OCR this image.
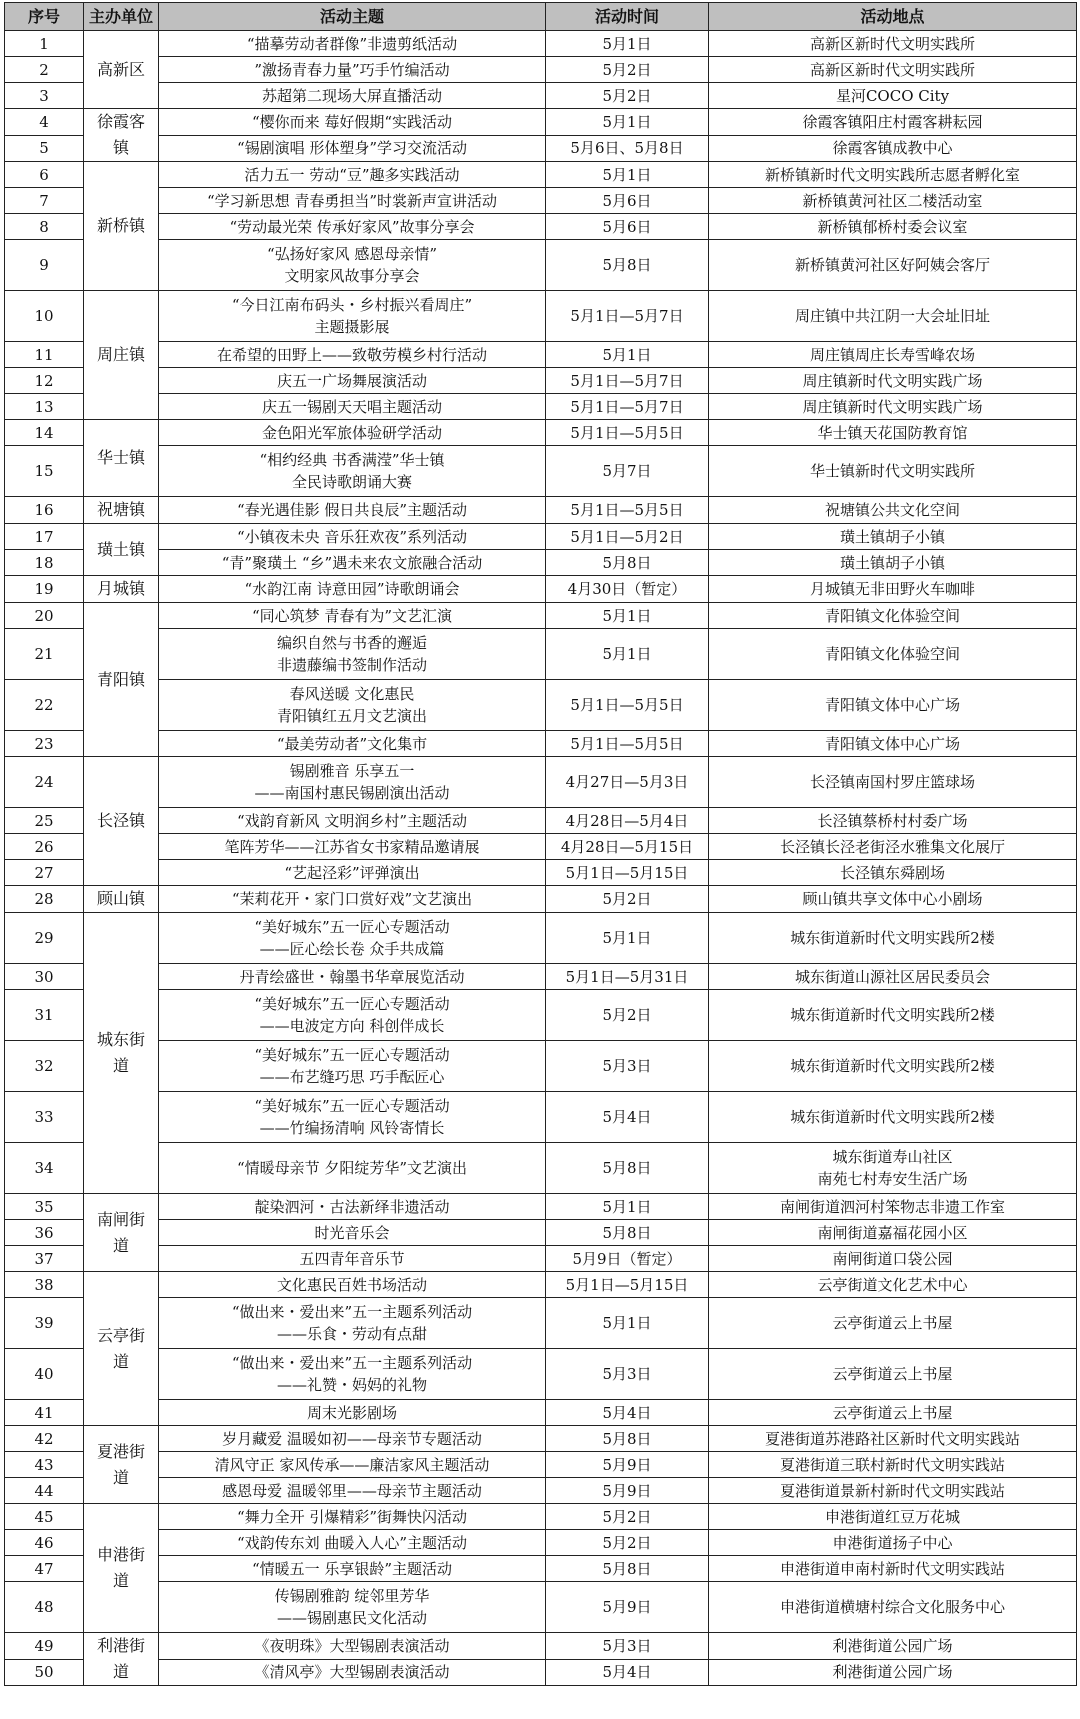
序号	主办单位	活动主题	活动时间	活动地点
1	高新区	“描摹劳动者群像”非遗剪纸活动	5月1日	高新区新时代文明实践所

2		”激扬青春力量”巧手竹编活动	5月2日	高新区新时代文明实践所

3		苏超第二现场大屏直播活动	5月2日	星河COCO City

4	徐霞客镇	“樱你而来 莓好假期“实践活动	5月1日	徐霞客镇阳庄村霞客耕耘园

5		“锡剧演唱 形体塑身”学习交流活动	5月6日、5月8日	徐霞客镇成教中心

6	新桥镇	活力五一 劳动“豆”趣多实践活动	5月1日	新桥镇新时代文明实践所志愿者孵化室

7		“学习新思想 青春勇担当”时裳新声宣讲活动	5月6日	新桥镇黄河社区二楼活动室

8		“劳动最光荣 传承好家风”故事分享会	5月6日	新桥镇郁桥村委会议室

9		“弘扬好家风 感恩母亲情”
文明家风故事分享会	5月8日	新桥镇黄河社区好阿姨会客厅

10	周庄镇	“今日江南布码头・乡村振兴看周庄”
主题摄影展	5月1日—5月7日	周庄镇中共江阴一大会址旧址

11		在希望的田野上——致敬劳模乡村行活动	5月1日	周庄镇周庄长寿雪峰农场

12		庆五一广场舞展演活动	5月1日—5月7日	周庄镇新时代文明实践广场

13		庆五一锡剧天天唱主题活动	5月1日—5月7日	周庄镇新时代文明实践广场

14	华士镇	金色阳光军旅体验研学活动	5月1日—5月5日	华士镇天花国防教育馆

15		“相约经典 书香满滢”华士镇
全民诗歌朗诵大赛	5月7日	华士镇新时代文明实践所

16	祝塘镇	“春光遇佳影 假日共良辰”主题活动	5月1日—5月5日	祝塘镇公共文化空间

17	璜土镇	“小镇夜未央 音乐狂欢夜”系列活动	5月1日—5月2日	璜土镇胡子小镇

18		“青”聚璜土 “乡”遇未来农文旅融合活动	5月8日	璜土镇胡子小镇

19	月城镇	“水韵江南 诗意田园”诗歌朗诵会	4月30日（暂定）	月城镇无非田野火车咖啡

20	青阳镇	“同心筑梦 青春有为”文艺汇演	5月1日	青阳镇文化体验空间

21		编织自然与书香的邂逅
非遗藤编书签制作活动	5月1日	青阳镇文化体验空间

22		春风送暖 文化惠民
青阳镇红五月文艺演出	5月1日—5月5日	青阳镇文体中心广场

23		“最美劳动者”文化集市	5月1日—5月5日	青阳镇文体中心广场

24	长泾镇	锡剧雅音 乐享五一
——南国村惠民锡剧演出活动	4月27日—5月3日	长泾镇南国村罗庄篮球场

25		“戏韵育新风 文明润乡村”主题活动	4月28日—5月4日	长泾镇蔡桥村村委广场

26		笔阵芳华——江苏省女书家精品邀请展	4月28日—5月15日	长泾镇长泾老街泾水雅集文化展厅

27		“艺起泾彩”评弹演出	5月1日—5月15日	长泾镇东舜剧场

28	顾山镇	“茉莉花开・家门口赏好戏”文艺演出	5月2日	顾山镇共享文体中心小剧场

29	城东街道	“美好城东”五一匠心专题活动
——匠心绘长卷 众手共成篇	5月1日	城东街道新时代文明实践所2楼

30		丹青绘盛世・翰墨书华章展览活动	5月1日—5月31日	城东街道山源社区居民委员会

31		“美好城东”五一匠心专题活动
——电波定方向 科创伴成长	5月2日	城东街道新时代文明实践所2楼

32		“美好城东”五一匠心专题活动
——布艺缝巧思 巧手酝匠心	5月3日	城东街道新时代文明实践所2楼

33		“美好城东”五一匠心专题活动
——竹编扬清响 风铃寄情长	5月4日	城东街道新时代文明实践所2楼

34		“情暖母亲节 夕阳绽芳华”文艺演出	5月8日	城东街道寿山社区
南苑七村寿安生活广场

35	南闸街道	靛染泗河・古法新绎非遗活动	5月1日	南闸街道泗河村笨物志非遗工作室

36		时光音乐会	5月8日	南闸街道嘉福花园小区

37		五四青年音乐节	5月9日（暂定）	南闸街道口袋公园

38	云亭街道	文化惠民百姓书场活动	5月1日—5月15日	云亭街道文化艺术中心

39		“做出来・爱出来”五一主题系列活动
——乐食・劳动有点甜	5月1日	云亭街道云上书屋

40		“做出来・爱出来”五一主题系列活动
——礼赞・妈妈的礼物	5月3日	云亭街道云上书屋

41		周末光影剧场	5月4日	云亭街道云上书屋

42	夏港街道	岁月藏爱 温暖如初——母亲节专题活动	5月8日	夏港街道苏港路社区新时代文明实践站

43		清风守正 家风传承——廉洁家风主题活动	5月9日	夏港街道三联村新时代文明实践站

44		感恩母爱 温暖邻里——母亲节主题活动	5月9日	夏港街道景新村新时代文明实践站

45	申港街道	“舞力全开 引爆精彩”街舞快闪活动	5月2日	申港街道红豆万花城

46		“戏韵传东刘 曲暖入人心”主题活动	5月2日	申港街道扬子中心

47		“情暖五一 乐享银龄”主题活动	5月8日	申港街道申南村新时代文明实践站

48		传锡剧雅韵 绽邻里芳华
——锡剧惠民文化活动	5月9日	申港街道横塘村综合文化服务中心

49	利港街道	《夜明珠》大型锡剧表演活动	5月3日	利港街道公园广场

50		《清风亭》大型锡剧表演活动	5月4日	利港街道公园广场
